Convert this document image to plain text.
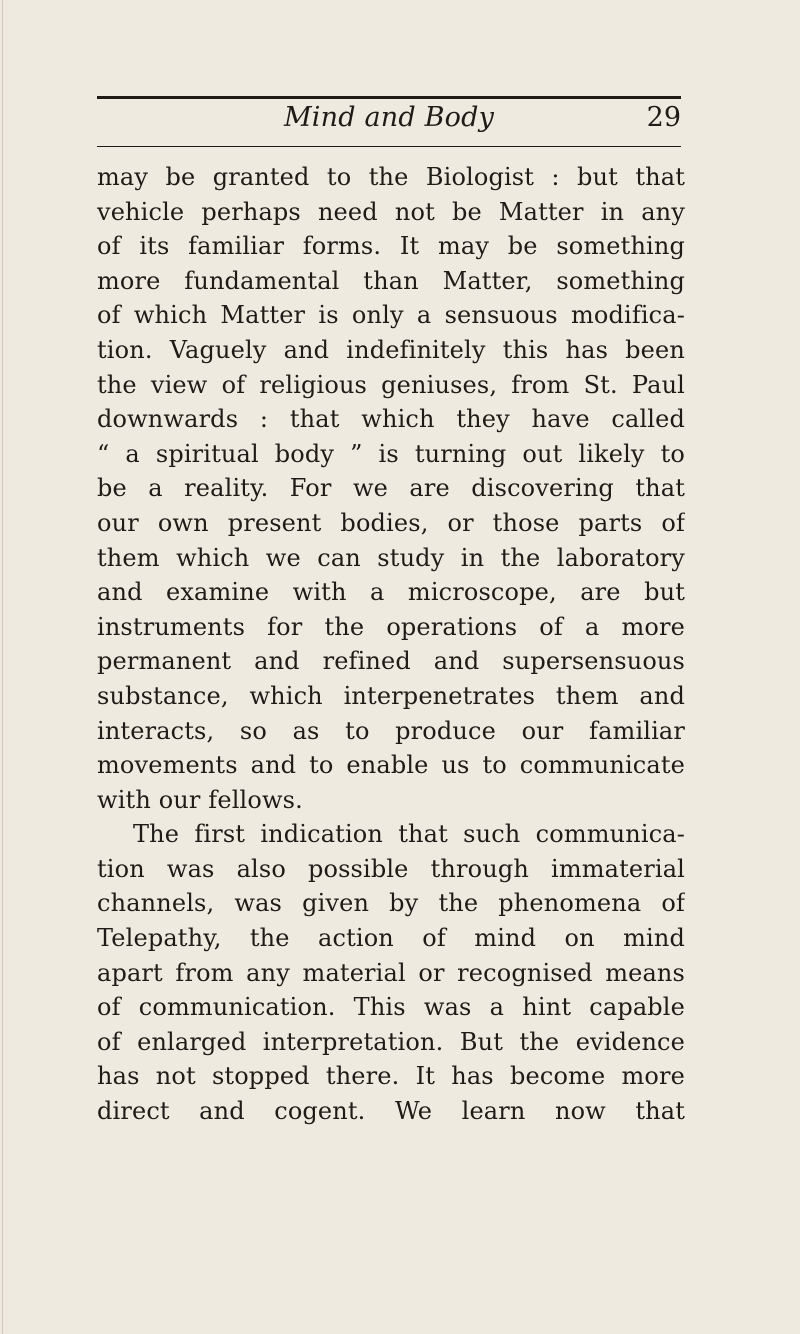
Mind and Body	29
may be granted to the Biologist : but that
vehicle perhaps need not be Matter in any
of its familiar forms. It may be something
more fundamental than Matter, something
of which Matter is only a sensuous modifica-
tion. Vaguely and indefinitely this has been
the view of religious geniuses, from St. Paul
downwards : that which they have called
“ a spiritual body ” is turning out likely to
be a reality. For we are discovering that
our own present bodies, or those parts of
them which we can study in the laboratory
and examine with a microscope, are but
instruments for the operations of a more
permanent and refined and supersensuous
substance, which interpenetrates them and
interacts, so as to produce our familiar
movements and to enable us to communicate
with our fellows.
The first indication that such communica-
tion was also possible through immaterial
channels, was given by the phenomena of
Telepathy, the action of mind on mind
apart from any material or recognised means
of communication. This was a hint capable
of enlarged interpretation. But the evidence
has not stopped there. It has become more
direct and cogent. We learn now that
